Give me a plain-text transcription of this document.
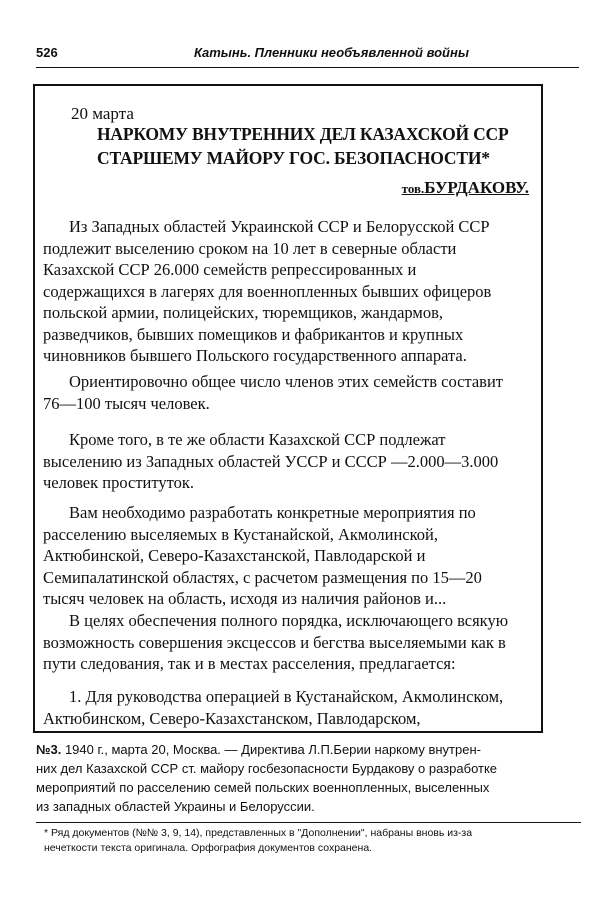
526	Катынь. Пленники необъявленной войны
20 марта
НАРКОМУ ВНУТРЕННИХ ДЕЛ КАЗАХСКОЙ ССР
СТАРШЕМУ МАЙОРУ ГОС. БЕЗОПАСНОСТИ*
тов.БУРДАКОВУ.

Из Западных областей Украинской ССР и Белорусской ССР
подлежит выселению сроком на 10 лет в северные области
Казахской ССР 26.000 семейств репрессированных и
содержащихся в лагерях для военнопленных бывших офицеров
польской армии, полицейских, тюремщиков, жандармов,
разведчиков, бывших помещиков и фабрикантов и крупных
чиновников бывшего Польского государственного аппарата.

Ориентировочно общее число членов этих семейств составит
76—100 тысяч человек.

Кроме того, в те же области Казахской ССР подлежат
выселению из Западных областей УССР и СССР —2.000—3.000
человек проституток.

Вам необходимо разработать конкретные мероприятия по
расселению выселяемых в Кустанайской, Акмолинской,
Актюбинской, Северо-Казахстанской, Павлодарской и
Семипалатинской областях, с расчетом размещения по 15—20
тысяч человек на область, исходя из наличия районов и...

В целях обеспечения полного порядка, исключающего всякую
возможность совершения эксцессов и бегства выселяемыми как в
пути следования, так и в местах расселения, предлагается:

1. Для руководства операцией в Кустанайском, Акмолинском,
Актюбинском, Северо-Казахстанском, Павлодарском,

№3. 1940 г., марта 20, Москва. — Директива Л.П.Берии наркому внутрен-
них дел Казахской ССР ст. майору госбезопасности Бурдакову о разработке
мероприятий по расселению семей польских военнопленных, выселенных
из западных областей Украины и Белоруссии.
* Ряд документов (№№ 3, 9, 14), представленных в "Дополнении", набраны вновь из-за
нечеткости текста оригинала. Орфография документов сохранена.
